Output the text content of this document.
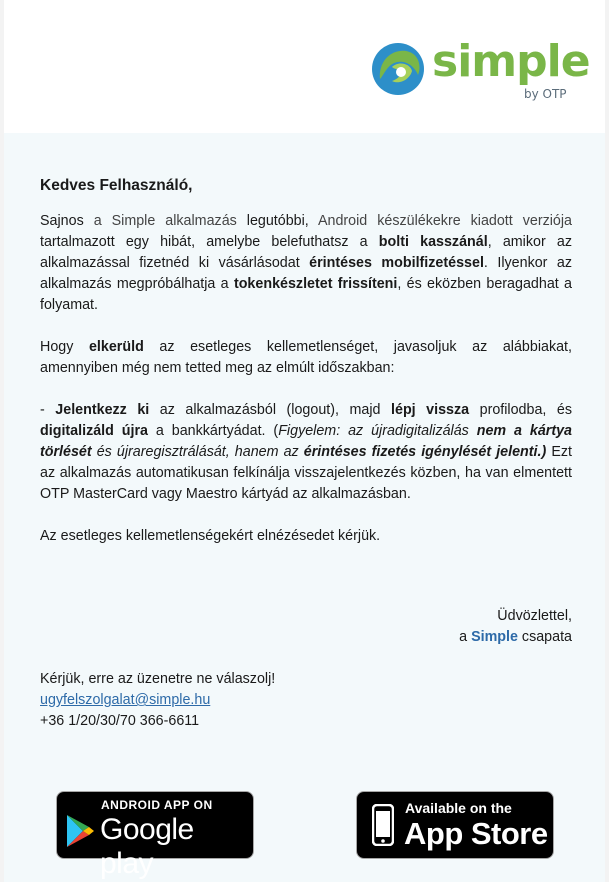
simple
by OTP
Kedves Felhasználó,

Sajnos a Simple alkalmazás legutóbbi, Android készülékekre kiadott verziója tartalmazott egy hibát, amelybe belefuthatsz a bolti kasszánál, amikor az alkalmazással fizetnéd ki vásárlásodat érintéses mobilfizetéssel. Ilyenkor az alkalmazás megpróbálhatja a tokenkészletet frissíteni, és eközben beragadhat a folyamat.

Hogy elkerüld az esetleges kellemetlenséget, javasoljuk az alábbiakat, amennyiben még nem tetted meg az elmúlt időszakban:

- Jelentkezz ki az alkalmazásból (logout), majd lépj vissza profilodba, és digitalizáld újra a bankkártyádat. (Figyelem: az újradigitalizálás nem a kártya törlését és újraregisztrálását, hanem az érintéses fizetés igénylését jelenti.) Ezt az alkalmazás automatikusan felkínálja visszajelentkezés közben, ha van elmentett OTP MasterCard vagy Maestro kártyád az alkalmazásban.

Az esetleges kellemetlenségekért elnézésedet kérjük.

Üdvözlettel,
a Simple csapata
Kérjük, erre az üzenetre ne válaszolj!
ugyfelszolgalat@simple.hu
+36 1/20/30/70 366-6611
ANDROID APP ON
Google play
Available on the
App Store
